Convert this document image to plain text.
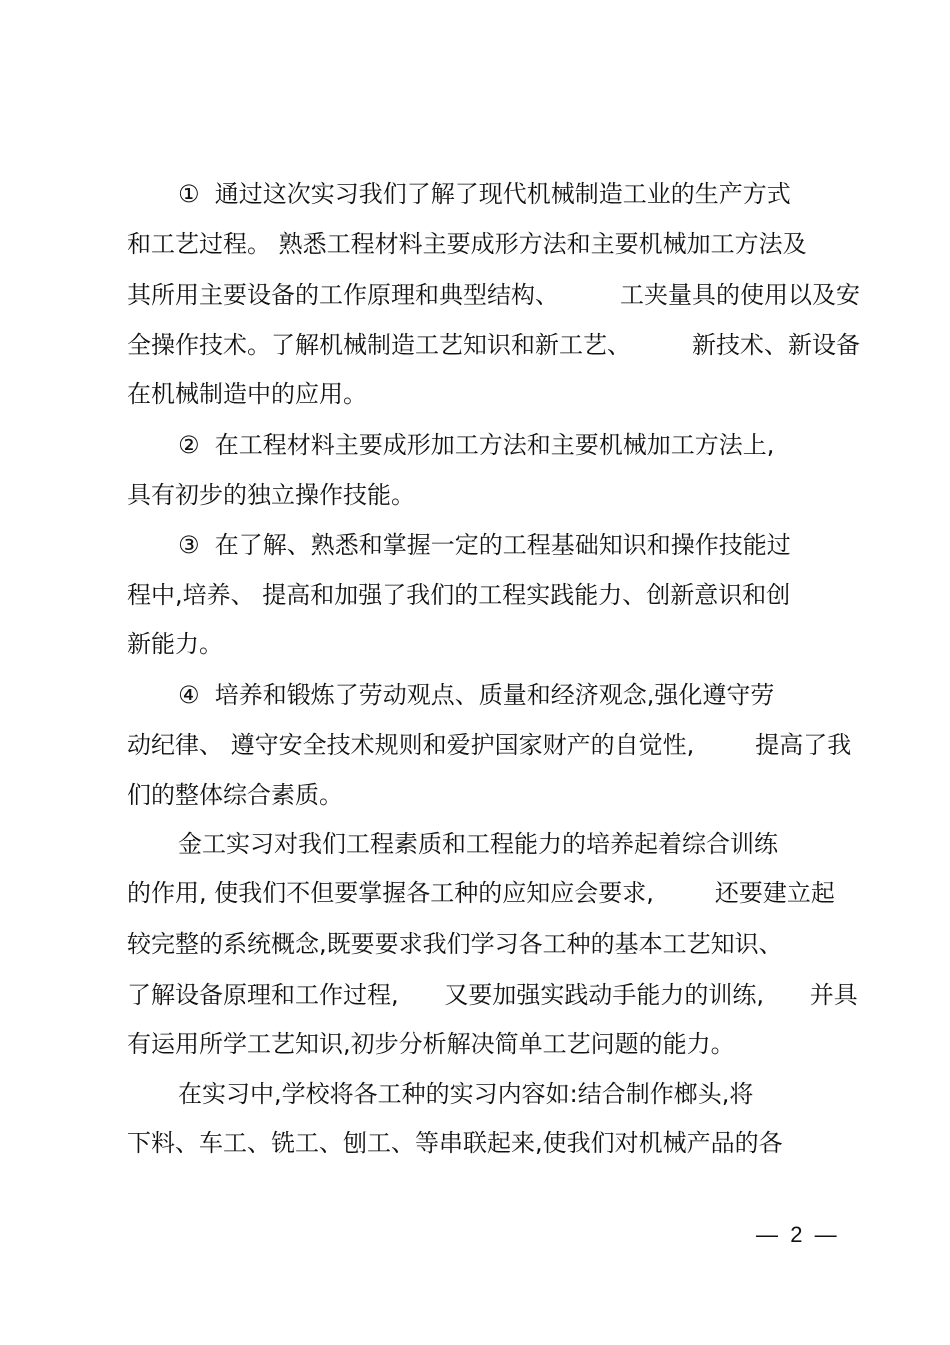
①  通过这次实习我们了解了现代机械制造工业的生产方式
和工艺过程。 熟悉工程材料主要成形方法和主要机械加工方法及
其所用主要设备的工作原理和典型结构、        工夹量具的使用以及安
全操作技术。了解机械制造工艺知识和新工艺、        新技术、新设备
在机械制造中的应用。
②  在工程材料主要成形加工方法和主要机械加工方法上,
具有初步的独立操作技能。
③  在了解、熟悉和掌握一定的工程基础知识和操作技能过
程中,培养、 提高和加强了我们的工程实践能力、创新意识和创
新能力。
④  培养和锻炼了劳动观点、质量和经济观念,强化遵守劳
动纪律、 遵守安全技术规则和爱护国家财产的自觉性,        提高了我
们的整体综合素质。
金工实习对我们工程素质和工程能力的培养起着综合训练
的作用, 使我们不但要掌握各工种的应知应会要求,        还要建立起
较完整的系统概念,既要要求我们学习各工种的基本工艺知识、
了解设备原理和工作过程,      又要加强实践动手能力的训练,      并具
有运用所学工艺知识,初步分析解决简单工艺问题的能力。
在实习中,学校将各工种的实习内容如:结合制作榔头,将
下料、车工、铣工、刨工、等串联起来,使我们对机械产品的各
—  2  —
